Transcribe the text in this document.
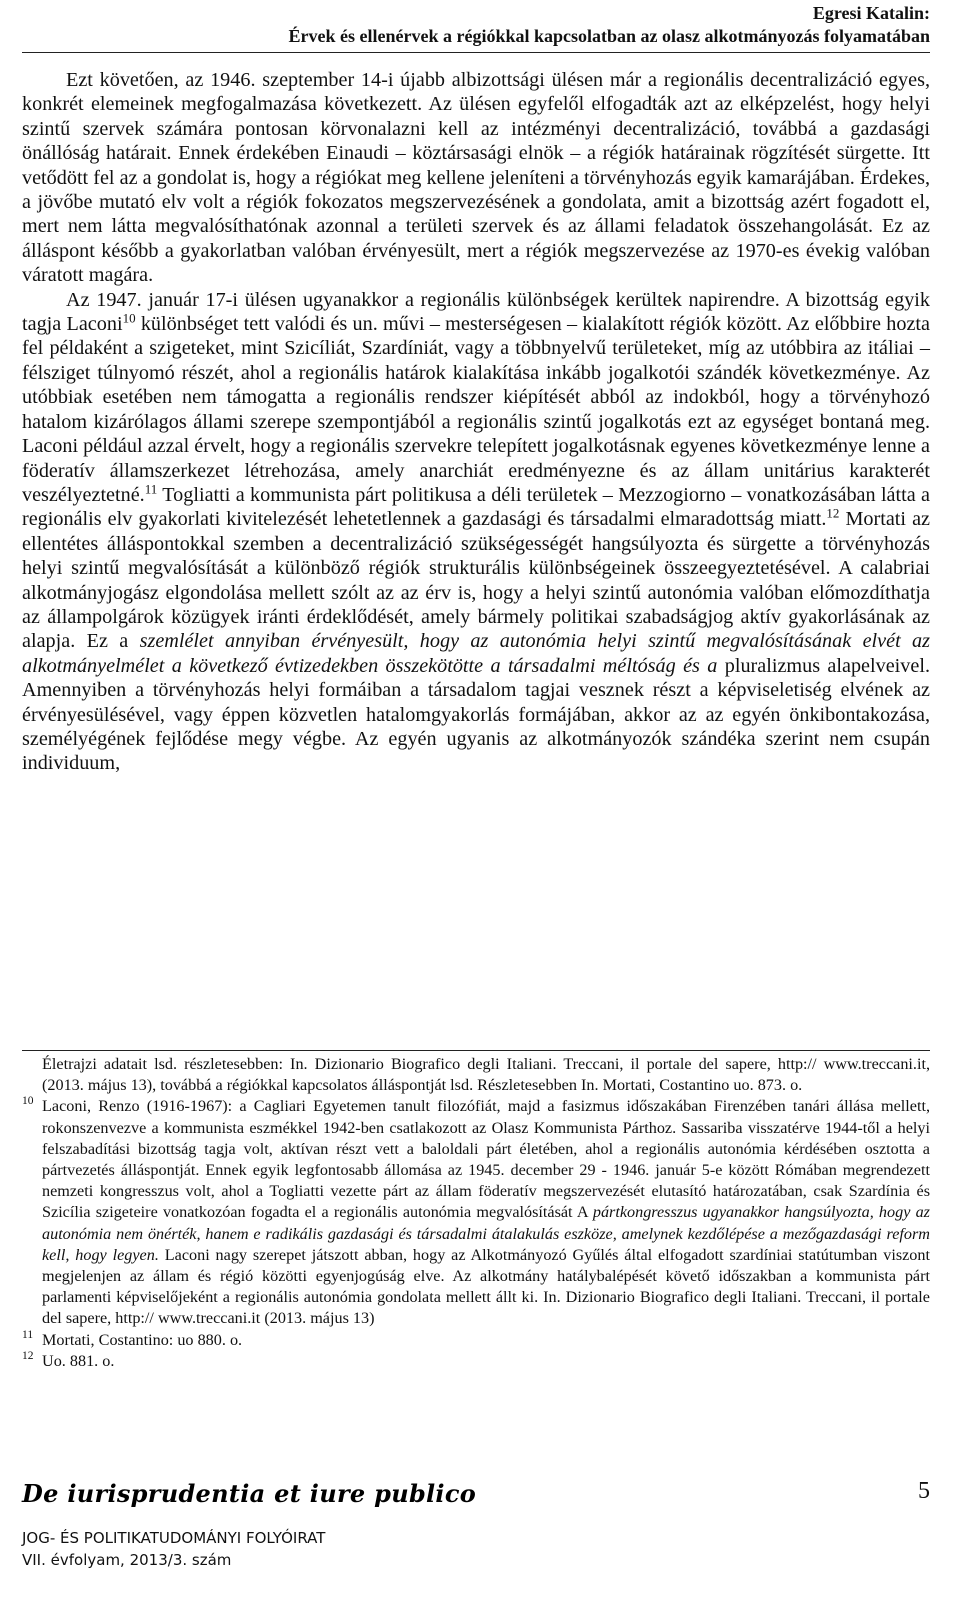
Egresi Katalin:
Érvek és ellenérvek a régiókkal kapcsolatban az olasz alkotmányozás folyamatában

Ezt követően, az 1946. szeptember 14-i újabb albizottsági ülésen már a regionális decentralizáció egyes, konkrét elemeinek megfogalmazása következett. Az ülésen egyfelől elfogadták azt az elképzelést, hogy helyi szintű szervek számára pontosan körvonalazni kell az intézményi decentralizáció, továbbá a gazdasági önállóság határait. Ennek érdekében Einaudi – köztársasági elnök – a régiók határainak rögzítését sürgette. Itt vetődött fel az a gondolat is, hogy a régiókat meg kellene jeleníteni a törvényhozás egyik kamarájában. Érdekes, a jövőbe mutató elv volt a régiók fokozatos megszervezésének a gondolata, amit a bizottság azért fogadott el, mert nem látta megvalósíthatónak azonnal a területi szervek és az állami feladatok összehangolását. Ez az álláspont később a gyakorlatban valóban érvényesült, mert a régiók megszervezése az 1970-es évekig valóban váratott magára.

Az 1947. január 17-i ülésen ugyanakkor a regionális különbségek kerültek napirendre. A bizottság egyik tagja Laconi$^{10}$ különbséget tett valódi és un. művi – mesterségesen – kialakított régiók között. Az előbbire hozta fel példaként a szigeteket, mint Szicíliát, Szardíniát, vagy a többnyelvű területeket, míg az utóbbira az itáliai – félsziget túlnyomó részét, ahol a regionális határok kialakítása inkább jogalkotói szándék következménye. Az utóbbiak esetében nem támogatta a regionális rendszer kiépítését abból az indokból, hogy a törvényhozó hatalom kizárólagos állami szerepe szempontjából a regionális szintű jogalkotás ezt az egységet bontaná meg. Laconi például azzal érvelt, hogy a regionális szervekre telepített jogalkotásnak egyenes következménye lenne a föderatív államszerkezet létrehozása, amely anarchiát eredményezne és az állam unitárius karakterét veszélyeztetné.$^{11}$ Togliatti a kommunista párt politikusa a déli területek – Mezzogiorno – vonatkozásában látta a regionális elv gyakorlati kivitelezését lehetetlennek a gazdasági és társadalmi elmaradottság miatt.$^{12}$ Mortati az ellentétes álláspontokkal szemben a decentralizáció szükségességét hangsúlyozta és sürgette a törvényhozás helyi szintű megvalósítását a különböző régiók strukturális különbségeinek összeegyeztetésével. A calabriai alkotmányjogász elgondolása mellett szólt az az érv is, hogy a helyi szintű autonómia valóban előmozdíthatja az állampolgárok közügyek iránti érdeklődését, amely bármely politikai szabadságjog aktív gyakorlásának az alapja. Ez a szemlélet annyiban érvényesült, hogy az autonómia helyi szintű megvalósításának elvét az alkotmányelmélet a következő évtizedekben összekötötte a társadalmi méltóság és a pluralizmus alapelveivel. Amennyiben a törvényhozás helyi formáiban a társadalom tagjai vesznek részt a képviseletiség elvének az érvényesülésével, vagy éppen közvetlen hatalomgyakorlás formájában, akkor az az egyén önkibontakozása, személyégének fejlődése megy végbe. Az egyén ugyanis az alkotmányozók szándéka szerint nem csupán individuum,

Életrajzi adatait lsd. részletesebben: In. Dizionario Biografico degli Italiani. Treccani, il portale del sapere, http:// www.treccani.it, (2013. május 13), továbbá a régiókkal kapcsolatos álláspontját lsd. Részletesebben In. Mortati, Costantino uo. 873. o.

10 Laconi, Renzo (1916-1967): a Cagliari Egyetemen tanult filozófiát, majd a fasizmus időszakában Firenzében tanári állása mellett, rokonszenvezve a kommunista eszmékkel 1942-ben csatlakozott az Olasz Kommunista Párthoz. Sassariba visszatérve 1944-től a helyi felszabadítási bizottság tagja volt, aktívan részt vett a baloldali párt életében, ahol a regionális autonómia kérdésében osztotta a pártvezetés álláspontját. Ennek egyik legfontosabb állomása az 1945. december 29 - 1946. január 5-e között Rómában megrendezett nemzeti kongresszus volt, ahol a Togliatti vezette párt az állam föderatív megszervezését elutasító határozatában, csak Szardínia és Szicília szigeteire vonatkozóan fogadta el a regionális autonómia megvalósítását A pártkongresszus ugyanakkor hangsúlyozta, hogy az autonómia nem önérték, hanem e radikális gazdasági és társadalmi átalakulás eszköze, amelynek kezdőlépése a mezőgazdasági reform kell, hogy legyen. Laconi nagy szerepet játszott abban, hogy az Alkotmányozó Gyűlés által elfogadott szardíniai statútumban viszont megjelenjen az állam és régió közötti egyenjogúság elve. Az alkotmány hatálybalépését követő időszakban a kommunista párt parlamenti képviselőjeként a regionális autonómia gondolata mellett állt ki. In. Dizionario Biografico degli Italiani. Treccani, il portale del sapere, http:// www.treccani.it (2013. május 13)

11 Mortati, Costantino: uo 880. o.

12 Uo. 881. o.

De iurisprudentia et iure publico
JOG- ÉS POLITIKATUDOMÁNYI FOLYÓIRAT
VII. évfolyam, 2013/3. szám
5
